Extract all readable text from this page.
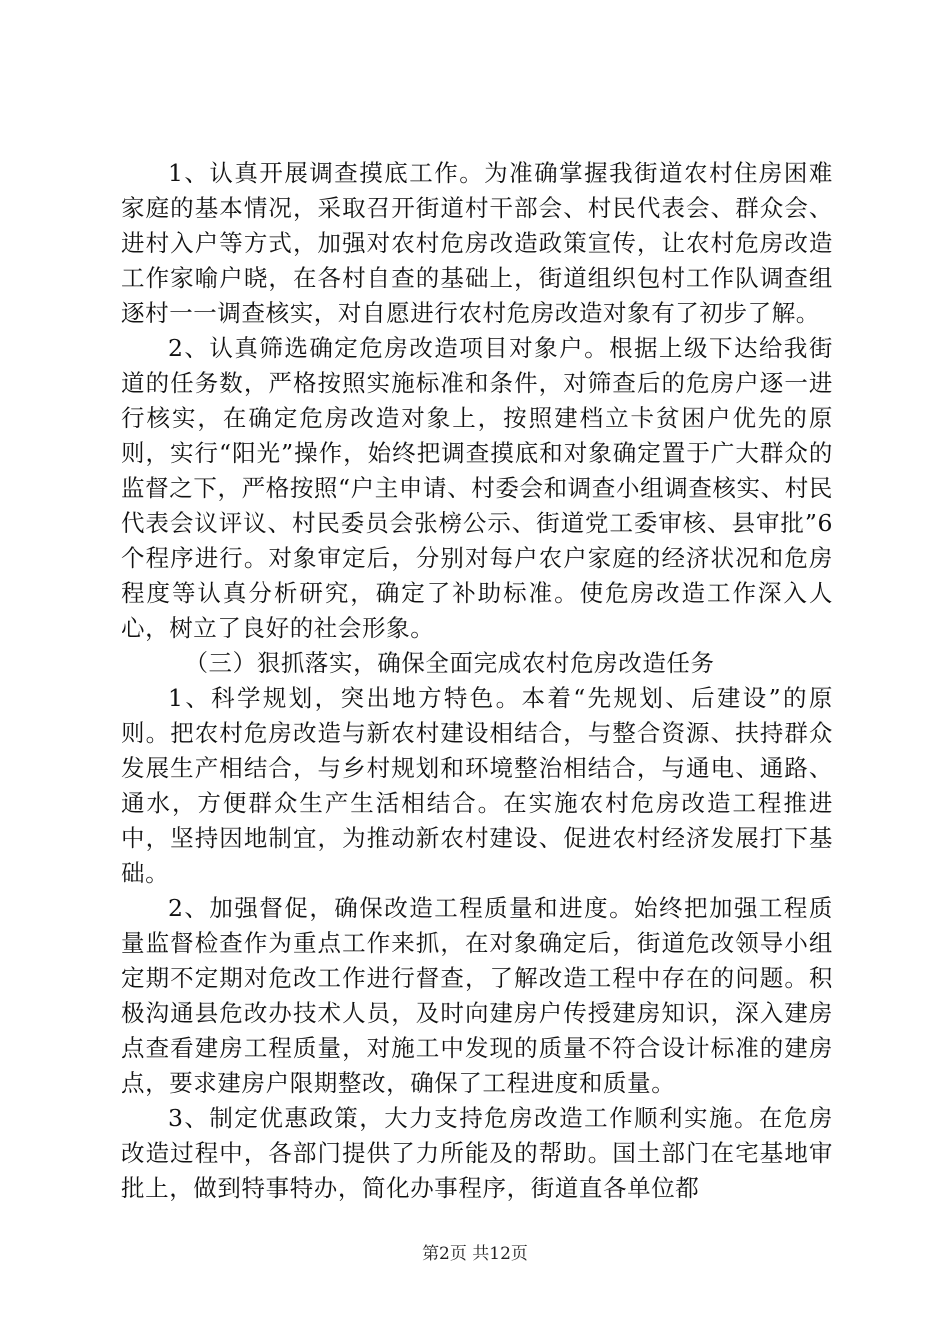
1、认真开展调查摸底工作。为准确掌握我街道农村住房困难家庭的基本情况，采取召开街道村干部会、村民代表会、群众会、进村入户等方式，加强对农村危房改造政策宣传，让农村危房改造工作家喻户晓，在各村自查的基础上，街道组织包村工作队调查组逐村一一调查核实，对自愿进行农村危房改造对象有了初步了解。

2、认真筛选确定危房改造项目对象户。根据上级下达给我街道的任务数，严格按照实施标准和条件，对筛查后的危房户逐一进行核实，在确定危房改造对象上，按照建档立卡贫困户优先的原则，实行“阳光”操作，始终把调查摸底和对象确定置于广大群众的监督之下，严格按照“户主申请、村委会和调查小组调查核实、村民代表会议评议、村民委员会张榜公示、街道党工委审核、县审批”6个程序进行。对象审定后，分别对每户农户家庭的经济状况和危房程度等认真分析研究，确定了补助标准。使危房改造工作深入人心，树立了良好的社会形象。

（三）狠抓落实，确保全面完成农村危房改造任务

1、科学规划，突出地方特色。本着“先规划、后建设”的原则。把农村危房改造与新农村建设相结合，与整合资源、扶持群众发展生产相结合，与乡村规划和环境整治相结合，与通电、通路、通水，方便群众生产生活相结合。在实施农村危房改造工程推进中，坚持因地制宜，为推动新农村建设、促进农村经济发展打下基础。

2、加强督促，确保改造工程质量和进度。始终把加强工程质量监督检查作为重点工作来抓，在对象确定后，街道危改领导小组定期不定期对危改工作进行督查，了解改造工程中存在的问题。积极沟通县危改办技术人员，及时向建房户传授建房知识，深入建房点查看建房工程质量，对施工中发现的质量不符合设计标准的建房点，要求建房户限期整改，确保了工程进度和质量。

3、制定优惠政策，大力支持危房改造工作顺利实施。在危房改造过程中，各部门提供了力所能及的帮助。国土部门在宅基地审批上，做到特事特办，简化办事程序，街道直各单位都

第2页 共12页
